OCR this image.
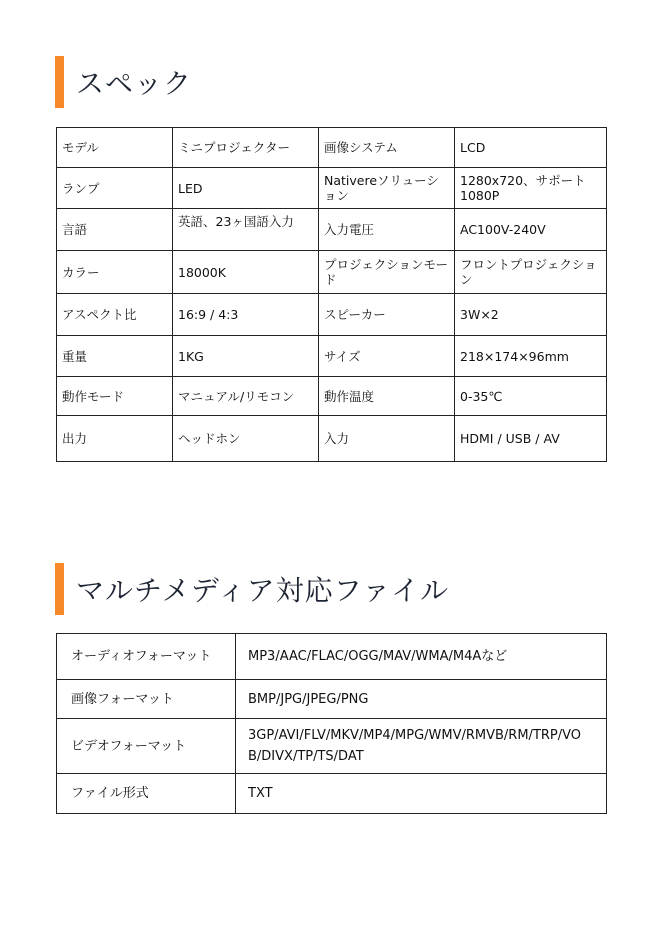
スペック
モデル	ミニプロジェクター	画像システム	LCD
ランプ	LED	Nativereソリューション	1280x720、サポート1080P
言語	英語、23ヶ国語入力	入力電圧	AC100V-240V
カラー	18000K	プロジェクションモード	フロントプロジェクション
アスペクト比	16:9 / 4:3	スピーカー	3W×2
重量	1KG	サイズ	218×174×96mm
動作モード	マニュアル/リモコン	動作温度	0-35℃
出力	ヘッドホン	入力	HDMI / USB / AV
マルチメディア対応ファイル
オーディオフォーマット	MP3/AAC/FLAC/OGG/MAV/WMA/M4Aなど
画像フォーマット	BMP/JPG/JPEG/PNG
ビデオフォーマット	3GP/AVI/FLV/MKV/MP4/MPG/WMV/RMVB/RM/TRP/VOB/DIVX/TP/TS/DAT
ファイル形式	TXT
